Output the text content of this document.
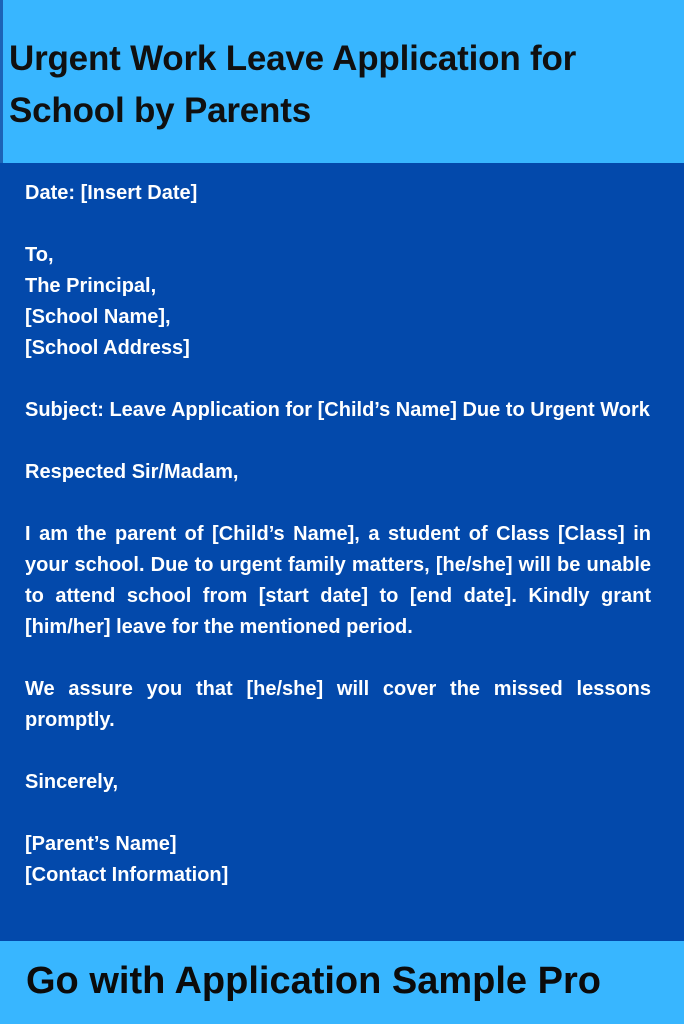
Urgent Work Leave Application for School by Parents

Date: [Insert Date]

To,
The Principal,
[School Name],
[School Address]

Subject: Leave Application for [Child’s Name] Due to Urgent Work

Respected Sir/Madam,

I am the parent of [Child’s Name], a student of Class [Class] in your school. Due to urgent family matters, [he/she] will be unable to attend school from [start date] to [end date]. Kindly grant [him/her] leave for the mentioned period.

We assure you that [he/she] will cover the missed lessons promptly.

Sincerely,

[Parent’s Name]
[Contact Information]

Go with Application Sample Pro
